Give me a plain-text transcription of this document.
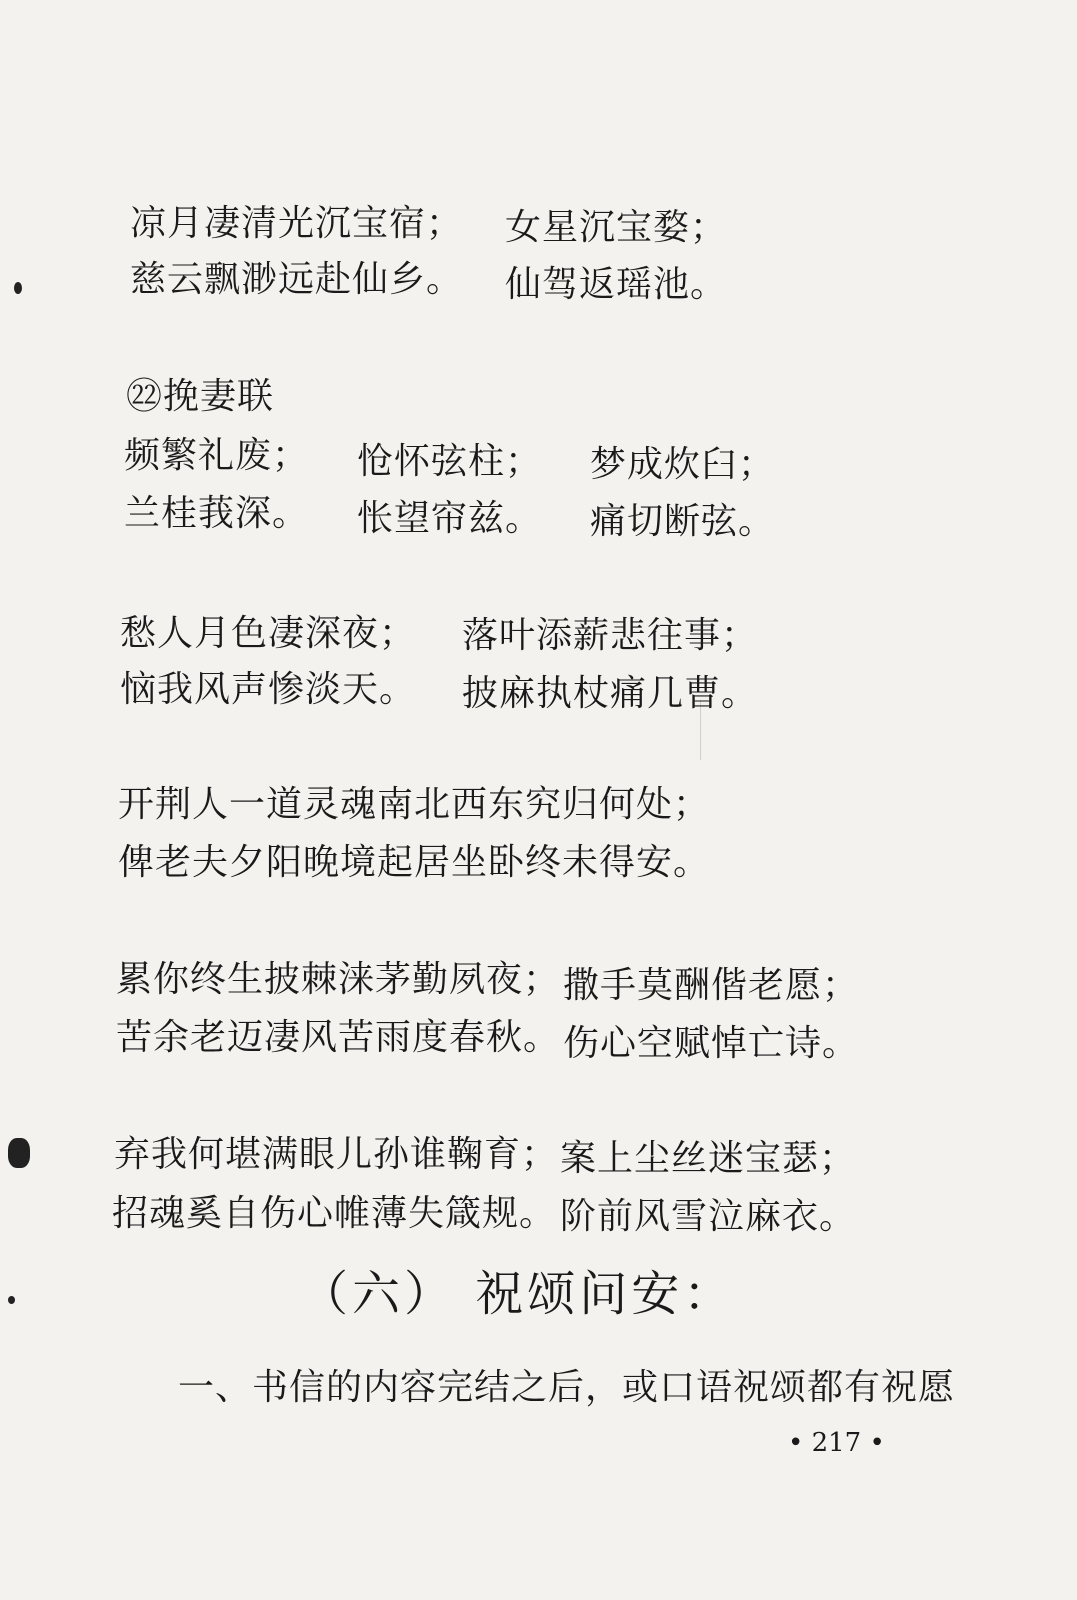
凉月凄清光沉宝宿； 女星沉宝婺；
慈云飘渺远赴仙乡。 仙驾返瑶池。
㉒挽妻联
频繁礼废； 怆怀弦柱； 梦成炊臼；
兰桂莪深。 怅望帘兹。 痛切断弦。
愁人月色凄深夜； 落叶添薪悲往事；
恼我风声惨淡天。 披麻执杖痛几曹。
开荆人一道灵魂南北西东究归何处；
俾老夫夕阳晚境起居坐卧终未得安。
累你终生披棘涞茅勤夙夜； 撒手莫酬偕老愿；
苦余老迈凄风苦雨度春秋。 伤心空赋悼亡诗。
弃我何堪满眼儿孙谁鞠育； 案上尘丝迷宝瑟；
招魂奚自伤心帷薄失箴规。 阶前风雪泣麻衣。
（六） 祝颂问安：
一、书信的内容完结之后，或口语祝颂都有祝愿
• 217 •
